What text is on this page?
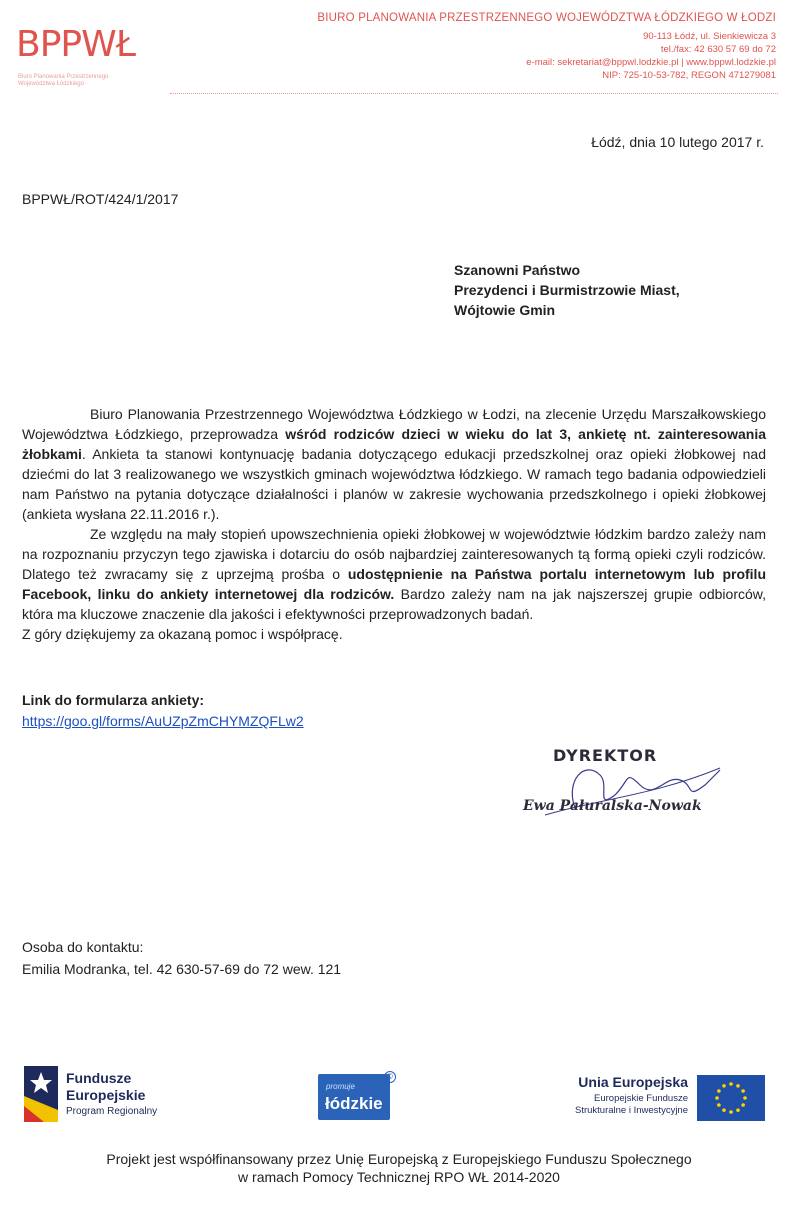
BPPWŁ
Biuro Planowania Przestrzennego Województwa Łódzkiego
BIURO PLANOWANIA PRZESTRZENNEGO WOJEWÓDZTWA ŁÓDZKIEGO W ŁODZI
90-113 Łódź, ul. Sienkiewicza 3
tel./fax: 42 630 57 69 do 72
e-mail: sekretariat@bppwl.lodzkie.pl | www.bppwl.lodzkie.pl
NIP: 725-10-53-782, REGON 471279081
Łódź, dnia 10 lutego 2017 r.
BPPWŁ/ROT/424/1/2017
Szanowni Państwo
Prezydenci i Burmistrzowie Miast,
Wójtowie Gmin

Biuro Planowania Przestrzennego Województwa Łódzkiego w Łodzi, na zlecenie Urzędu Marszałkowskiego Województwa Łódzkiego, przeprowadza wśród rodziców dzieci w wieku do lat 3, ankietę nt. zainteresowania żłobkami. Ankieta ta stanowi kontynuację badania dotyczącego edukacji przedszkolnej oraz opieki żłobkowej nad dziećmi do lat 3 realizowanego we wszystkich gminach województwa łódzkiego. W ramach tego badania odpowiedzieli nam Państwo na pytania dotyczące działalności i planów w zakresie wychowania przedszkolnego i opieki żłobkowej (ankieta wysłana 22.11.2016 r.).

Ze względu na mały stopień upowszechnienia opieki żłobkowej w województwie łódzkim bardzo zależy nam na rozpoznaniu przyczyn tego zjawiska i dotarciu do osób najbardziej zainteresowanych tą formą opieki czyli rodziców. Dlatego też zwracamy się z uprzejmą prośba o udostępnienie na Państwa portalu internetowym lub profilu Facebook, linku do ankiety internetowej dla rodziców. Bardzo zależy nam na jak najszerszej grupie odbiorców, która ma kluczowe znaczenie dla jakości i efektywności przeprowadzonych badań.

Z góry dziękujemy za okazaną pomoc i współpracę.

Link do formularza ankiety:
https://goo.gl/forms/AuUZpZmCHYMZQFLw2
DYREKTOR
Ewa Pałuralska-Nowak
Osoba do kontaktu:
Emilia Modranka, tel. 42 630-57-69 do 72 wew. 121
Fundusze
Europejskie
Program Regionalny
promuje
łódzkie
©	Unia Europejska
Europejskie Fundusze
Strukturalne i Inwestycyjne
Projekt jest współfinansowany przez Unię Europejską z Europejskiego Funduszu Społecznego
w ramach Pomocy Technicznej RPO WŁ 2014-2020
